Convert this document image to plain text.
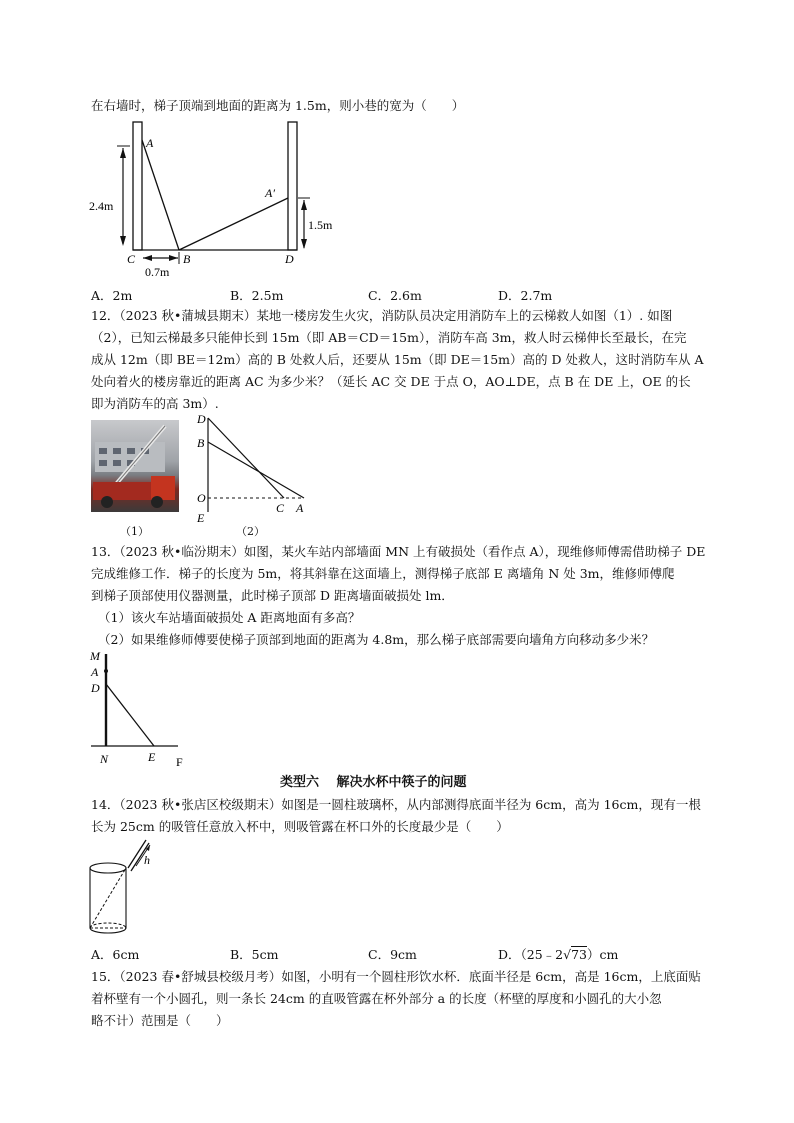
在右墙时，梯子顶端到地面的距离为 1.5m，则小巷的宽为（　　）
A
A′
B
C	D
2.4m
1.5m
0.7m
A．2m	B．2.5m	C．2.6m	D．2.7m
12．（2023 秋•蒲城县期末）某地一楼房发生火灾，消防队员决定用消防车上的云梯救人如图（1）. 如图
（2），已知云梯最多只能伸长到 15m（即 AB＝CD＝15m），消防车高 3m，救人时云梯伸长至最长，在完
成从 12m（即 BE＝12m）高的 B 处救人后，还要从 15m（即 DE＝15m）高的 D 处救人，这时消防车从 A
处向着火的楼房靠近的距离 AC 为多少米？（延长 AC 交 DE 于点 O，AO⊥DE，点 B 在 DE 上，OE 的长
即为消防车的高 3m）.
D
B
O
E
C A
（1）	（2）
13．（2023 秋•临汾期末）如图，某火车站内部墙面 MN 上有破损处（看作点 A），现维修师傅需借助梯子 DE
完成维修工作．梯子的长度为 5m，将其斜靠在这面墙上，测得梯子底部 E 离墙角 N 处 3m，维修师傅爬
到梯子顶部使用仪器测量，此时梯子顶部 D 距离墙面破损处 lm．
（1）该火车站墙面破损处 A 距离地面有多高？
（2）如果维修师傅要使梯子顶部到地面的距离为 4.8m，那么梯子底部需要向墙角方向移动多少米？
M
A
D
N	E F
类型六　 解决水杯中筷子的问题
14．（2023 秋•张店区校级期末）如图是一圆柱玻璃杯，从内部测得底面半径为 6cm，高为 16cm，现有一根
长为 25cm 的吸管任意放入杯中，则吸管露在杯口外的长度最少是（　　）
h
A．6cm	B．5cm	C．9cm	D．（25﹣2√73）cm
15．（2023 春•舒城县校级月考）如图，小明有一个圆柱形饮水杯．底面半径是 6cm，高是 16cm，上底面贴
着杯壁有一个小圆孔，则一条长 24cm 的直吸管露在杯外部分 a 的长度（杯壁的厚度和小圆孔的大小忽
略不计）范围是（　　）
